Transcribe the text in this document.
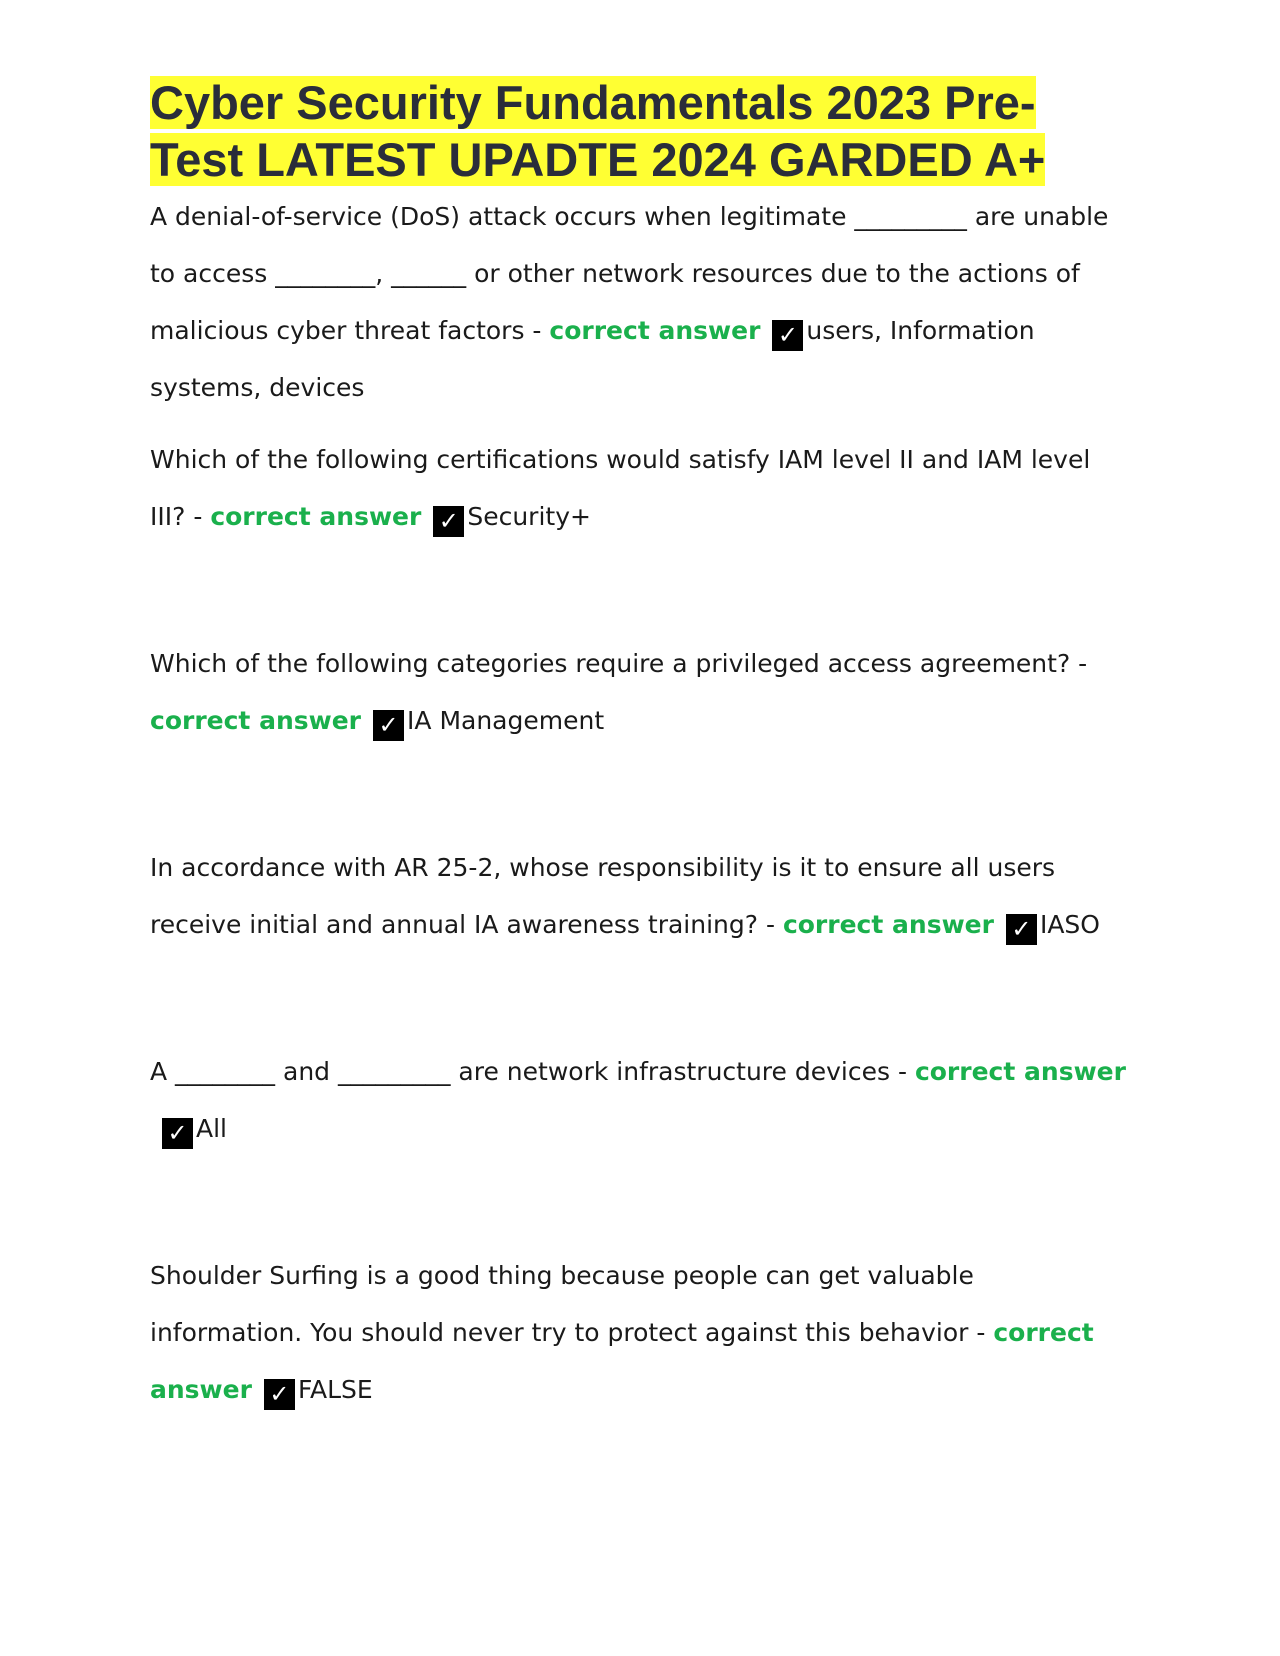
Cyber Security Fundamentals 2023 Pre-
Test LATEST UPADTE 2024 GARDED A+

A denial-of-service (DoS) attack occurs when legitimate _________ are unable to access ________, ______ or other network resources due to the actions of malicious cyber threat factors - correct answer ✓ users, Information systems, devices

Which of the following certifications would satisfy IAM level II and IAM level III? - correct answer ✓ Security+

Which of the following categories require a privileged access agreement? - correct answer ✓ IA Management

In accordance with AR 25-2, whose responsibility is it to ensure all users receive initial and annual IA awareness training? - correct answer ✓ IASO

A ________ and _________ are network infrastructure devices - correct answer✓ All

Shoulder Surfing is a good thing because people can get valuable information. You should never try to protect against this behavior - correct answer ✓ FALSE
